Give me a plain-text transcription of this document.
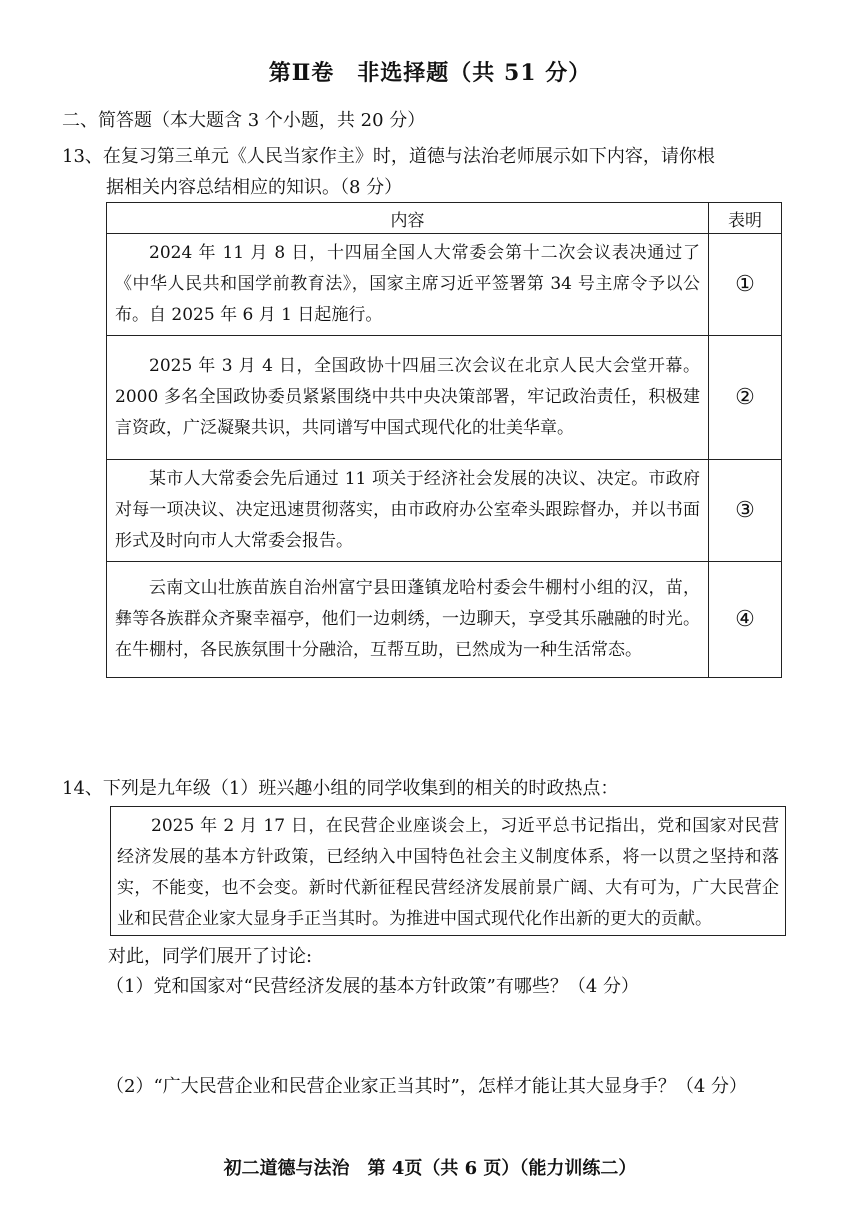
第Ⅱ卷　非选择题（共 51 分）
二、简答题（本大题含 3 个小题，共 20 分）
13、在复习第三单元《人民当家作主》时，道德与法治老师展示如下内容，请你根
据相关内容总结相应的知识。（8 分）
内容	表明
2024 年 11 月 8 日，十四届全国人大常委会第十二次会议表决通过了《中华人民共和国学前教育法》，国家主席习近平签署第 34 号主席令予以公布。自 2025 年 6 月 1 日起施行。	①
2025 年 3 月 4 日，全国政协十四届三次会议在北京人民大会堂开幕。2000 多名全国政协委员紧紧围绕中共中央决策部署，牢记政治责任，积极建言资政，广泛凝聚共识，共同谱写中国式现代化的壮美华章。	②
某市人大常委会先后通过 11 项关于经济社会发展的决议、决定。市政府对每一项决议、决定迅速贯彻落实，由市政府办公室牵头跟踪督办，并以书面形式及时向市人大常委会报告。	③
云南文山壮族苗族自治州富宁县田蓬镇龙哈村委会牛棚村小组的汉，苗，彝等各族群众齐聚幸福亭，他们一边刺绣，一边聊天，享受其乐融融的时光。在牛棚村，各民族氛围十分融洽，互帮互助，已然成为一种生活常态。	④
14、下列是九年级（1）班兴趣小组的同学收集到的相关的时政热点：
2025 年 2 月 17 日，在民营企业座谈会上，习近平总书记指出，党和国家对民营经济发展的基本方针政策，已经纳入中国特色社会主义制度体系，将一以贯之坚持和落实，不能变，也不会变。新时代新征程民营经济发展前景广阔、大有可为，广大民营企业和民营企业家大显身手正当其时。为推进中国式现代化作出新的更大的贡献。
对此，同学们展开了讨论:
（1）党和国家对“民营经济发展的基本方针政策”有哪些？（4 分）
（2）“广大民营企业和民营企业家正当其时”，怎样才能让其大显身手？（4 分）
初二道德与法治　第 4页（共 6 页）（能力训练二）
